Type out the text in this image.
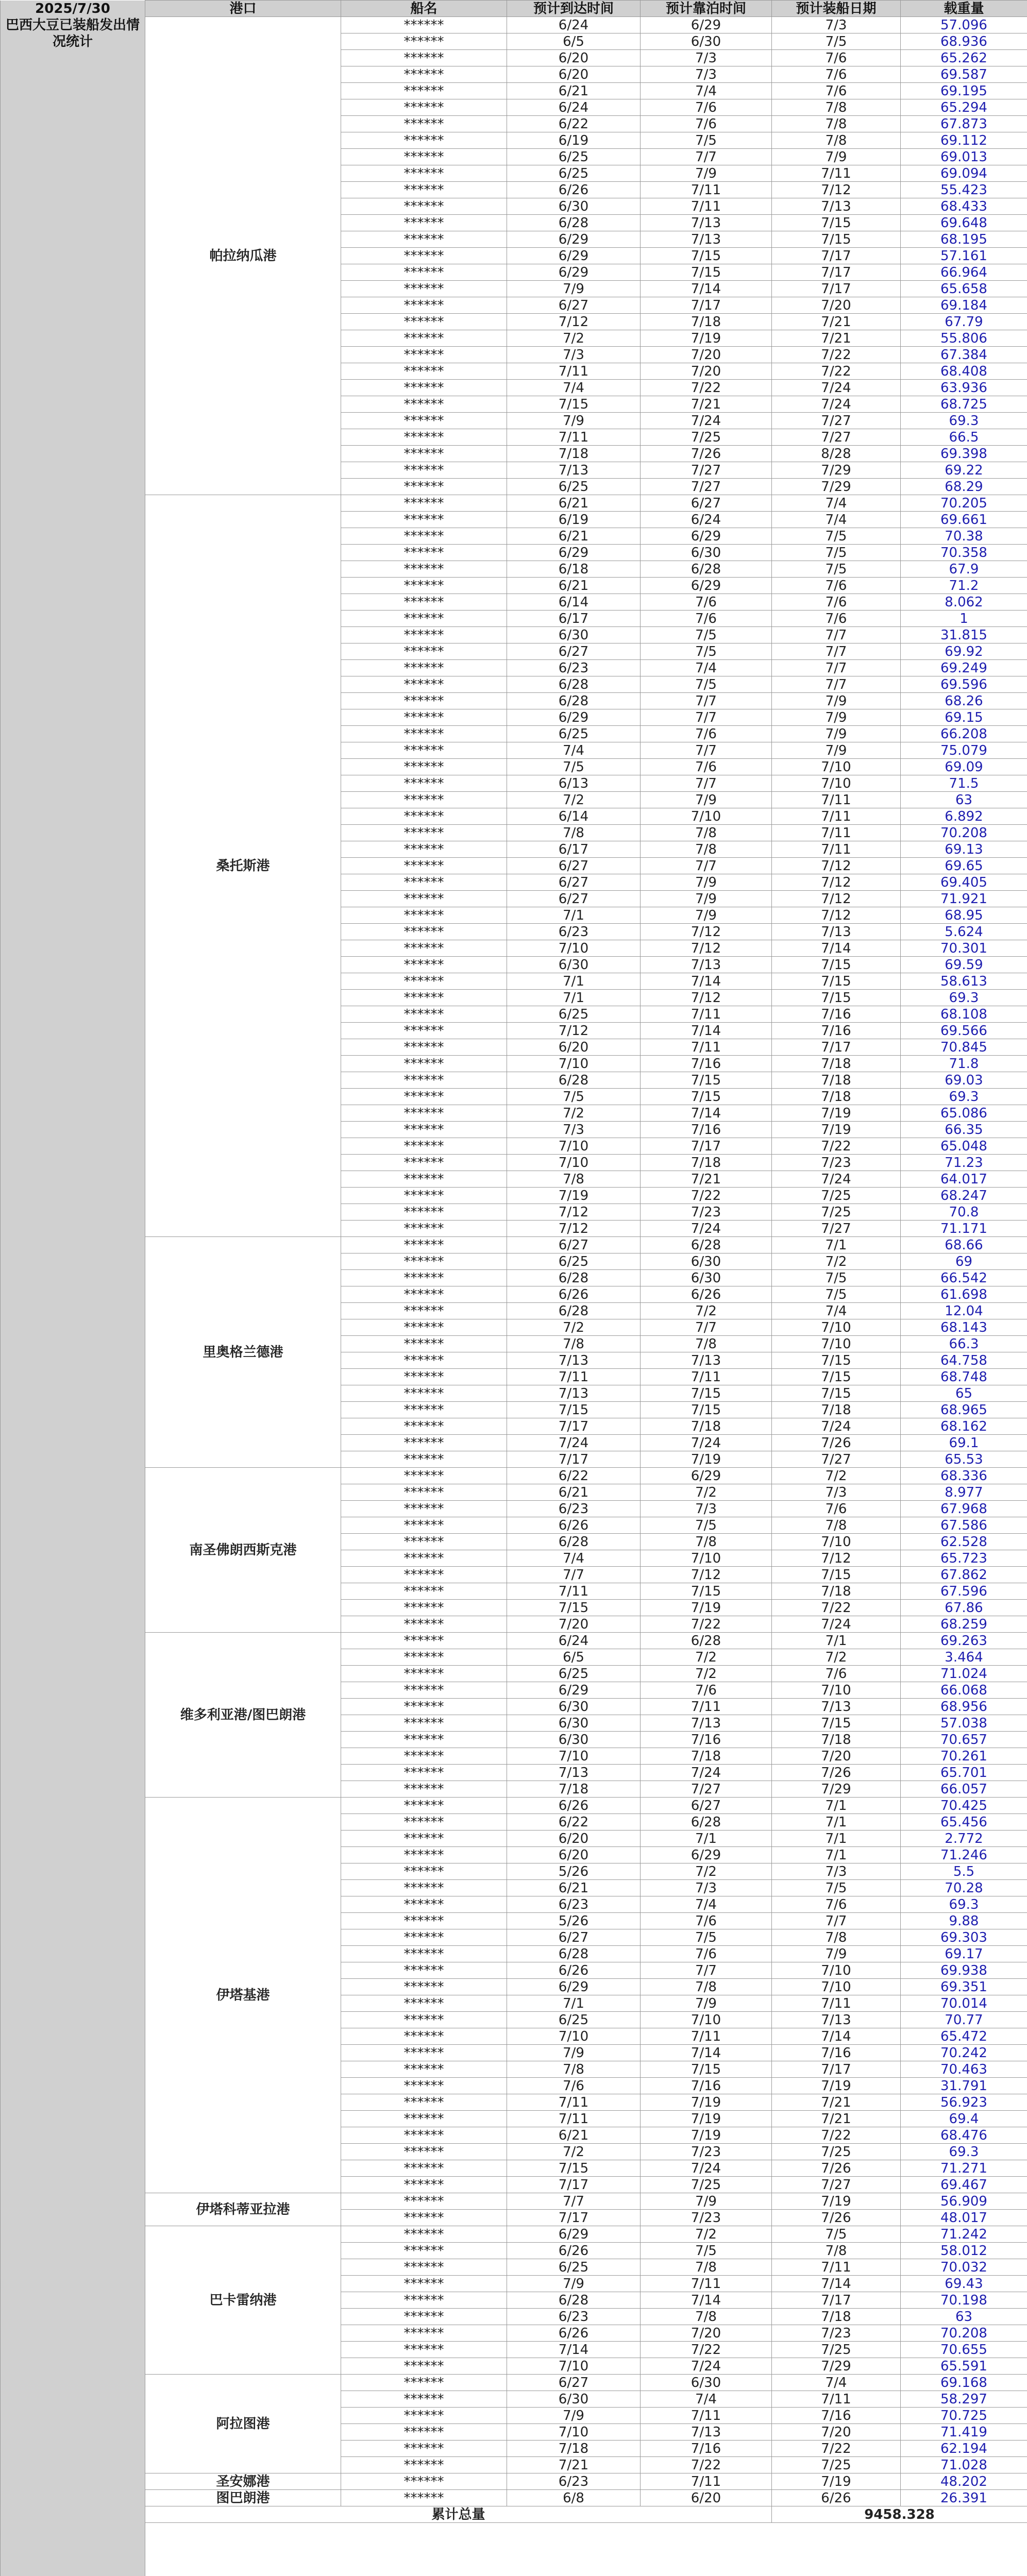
2025/7/30
巴西大豆已装船发出情况统计	港口	船名	预计到达时间	预计靠泊时间	预计装船日期	载重量
	帕拉纳瓜港	******	6/24	6/29	7/3	57.096
		******	6/5	6/30	7/5	68.936
		******	6/20	7/3	7/6	65.262
		******	6/20	7/3	7/6	69.587
		******	6/21	7/4	7/6	69.195
		******	6/24	7/6	7/8	65.294
		******	6/22	7/6	7/8	67.873
		******	6/19	7/5	7/8	69.112
		******	6/25	7/7	7/9	69.013
		******	6/25	7/9	7/11	69.094
		******	6/26	7/11	7/12	55.423
		******	6/30	7/11	7/13	68.433
		******	6/28	7/13	7/15	69.648
		******	6/29	7/13	7/15	68.195
		******	6/29	7/15	7/17	57.161
		******	6/29	7/15	7/17	66.964
		******	7/9	7/14	7/17	65.658
		******	6/27	7/17	7/20	69.184
		******	7/12	7/18	7/21	67.79
		******	7/2	7/19	7/21	55.806
		******	7/3	7/20	7/22	67.384
		******	7/11	7/20	7/22	68.408
		******	7/4	7/22	7/24	63.936
		******	7/15	7/21	7/24	68.725
		******	7/9	7/24	7/27	69.3
		******	7/11	7/25	7/27	66.5
		******	7/18	7/26	8/28	69.398
		******	7/13	7/27	7/29	69.22
		******	6/25	7/27	7/29	68.29
	桑托斯港	******	6/21	6/27	7/4	70.205
		******	6/19	6/24	7/4	69.661
		******	6/21	6/29	7/5	70.38
		******	6/29	6/30	7/5	70.358
		******	6/18	6/28	7/5	67.9
		******	6/21	6/29	7/6	71.2
		******	6/14	7/6	7/6	8.062
		******	6/17	7/6	7/6	1
		******	6/30	7/5	7/7	31.815
		******	6/27	7/5	7/7	69.92
		******	6/23	7/4	7/7	69.249
		******	6/28	7/5	7/7	69.596
		******	6/28	7/7	7/9	68.26
		******	6/29	7/7	7/9	69.15
		******	6/25	7/6	7/9	66.208
		******	7/4	7/7	7/9	75.079
		******	7/5	7/6	7/10	69.09
		******	6/13	7/7	7/10	71.5
		******	7/2	7/9	7/11	63
		******	6/14	7/10	7/11	6.892
		******	7/8	7/8	7/11	70.208
		******	6/17	7/8	7/11	69.13
		******	6/27	7/7	7/12	69.65
		******	6/27	7/9	7/12	69.405
		******	6/27	7/9	7/12	71.921
		******	7/1	7/9	7/12	68.95
		******	6/23	7/12	7/13	5.624
		******	7/10	7/12	7/14	70.301
		******	6/30	7/13	7/15	69.59
		******	7/1	7/14	7/15	58.613
		******	7/1	7/12	7/15	69.3
		******	6/25	7/11	7/16	68.108
		******	7/12	7/14	7/16	69.566
		******	6/20	7/11	7/17	70.845
		******	7/10	7/16	7/18	71.8
		******	6/28	7/15	7/18	69.03
		******	7/5	7/15	7/18	69.3
		******	7/2	7/14	7/19	65.086
		******	7/3	7/16	7/19	66.35
		******	7/10	7/17	7/22	65.048
		******	7/10	7/18	7/23	71.23
		******	7/8	7/21	7/24	64.017
		******	7/19	7/22	7/25	68.247
		******	7/12	7/23	7/25	70.8
		******	7/12	7/24	7/27	71.171
	里奥格兰德港	******	6/27	6/28	7/1	68.66
		******	6/25	6/30	7/2	69
		******	6/28	6/30	7/5	66.542
		******	6/26	6/26	7/5	61.698
		******	6/28	7/2	7/4	12.04
		******	7/2	7/7	7/10	68.143
		******	7/8	7/8	7/10	66.3
		******	7/13	7/13	7/15	64.758
		******	7/11	7/11	7/15	68.748
		******	7/13	7/15	7/15	65
		******	7/15	7/15	7/18	68.965
		******	7/17	7/18	7/24	68.162
		******	7/24	7/24	7/26	69.1
		******	7/17	7/19	7/27	65.53
	南圣佛朗西斯克港	******	6/22	6/29	7/2	68.336
		******	6/21	7/2	7/3	8.977
		******	6/23	7/3	7/6	67.968
		******	6/26	7/5	7/8	67.586
		******	6/28	7/8	7/10	62.528
		******	7/4	7/10	7/12	65.723
		******	7/7	7/12	7/15	67.862
		******	7/11	7/15	7/18	67.596
		******	7/15	7/19	7/22	67.86
		******	7/20	7/22	7/24	68.259
	维多利亚港/图巴朗港	******	6/24	6/28	7/1	69.263
		******	6/5	7/2	7/2	3.464
		******	6/25	7/2	7/6	71.024
		******	6/29	7/6	7/10	66.068
		******	6/30	7/11	7/13	68.956
		******	6/30	7/13	7/15	57.038
		******	6/30	7/16	7/18	70.657
		******	7/10	7/18	7/20	70.261
		******	7/13	7/24	7/26	65.701
		******	7/18	7/27	7/29	66.057
	伊塔基港	******	6/26	6/27	7/1	70.425
		******	6/22	6/28	7/1	65.456
		******	6/20	7/1	7/1	2.772
		******	6/20	6/29	7/1	71.246
		******	5/26	7/2	7/3	5.5
		******	6/21	7/3	7/5	70.28
		******	6/23	7/4	7/6	69.3
		******	5/26	7/6	7/7	9.88
		******	6/27	7/5	7/8	69.303
		******	6/28	7/6	7/9	69.17
		******	6/26	7/7	7/10	69.938
		******	6/29	7/8	7/10	69.351
		******	7/1	7/9	7/11	70.014
		******	6/25	7/10	7/13	70.77
		******	7/10	7/11	7/14	65.472
		******	7/9	7/14	7/16	70.242
		******	7/8	7/15	7/17	70.463
		******	7/6	7/16	7/19	31.791
		******	7/11	7/19	7/21	56.923
		******	7/11	7/19	7/21	69.4
		******	6/21	7/19	7/22	68.476
		******	7/2	7/23	7/25	69.3
		******	7/15	7/24	7/26	71.271
		******	7/17	7/25	7/27	69.467
	伊塔科蒂亚拉港	******	7/7	7/9	7/19	56.909
		******	7/17	7/23	7/26	48.017
	巴卡雷纳港	******	6/29	7/2	7/5	71.242
		******	6/26	7/5	7/8	58.012
		******	6/25	7/8	7/11	70.032
		******	7/9	7/11	7/14	69.43
		******	6/28	7/14	7/17	70.198
		******	6/23	7/8	7/18	63
		******	6/26	7/20	7/23	70.208
		******	7/14	7/22	7/25	70.655
		******	7/10	7/24	7/29	65.591
	阿拉图港	******	6/27	6/30	7/4	69.168
		******	6/30	7/4	7/11	58.297
		******	7/9	7/11	7/16	70.725
		******	7/10	7/13	7/20	71.419
		******	7/18	7/16	7/22	62.194
		******	7/21	7/22	7/25	71.028
	圣安娜港	******	6/23	7/11	7/19	48.202
	图巴朗港	******	6/8	6/20	6/26	26.391
	累计总量				9458.328	
